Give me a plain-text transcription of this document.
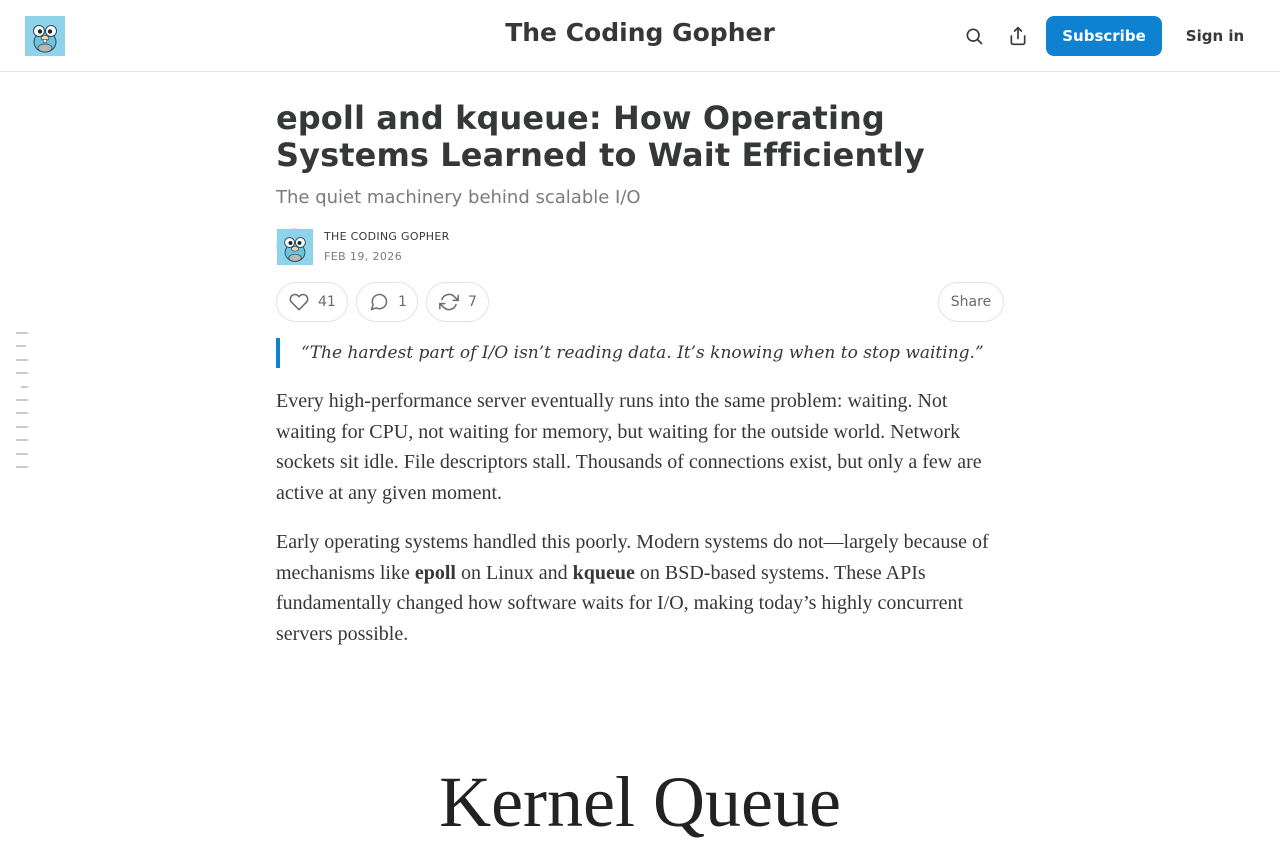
The Coding Gopher	Subscribe	Sign in
epoll and kqueue: How Operating Systems Learned to Wait Efficiently
The quiet machinery behind scalable I/O
THE CODING GOPHER
FEB 19, 2026
41	1	7	Share
“The hardest part of I/O isn’t reading data. It’s knowing when to stop waiting.”

Every high-performance server eventually runs into the same problem: waiting. Not waiting for CPU, not waiting for memory, but waiting for the outside world. Network sockets sit idle. File descriptors stall. Thousands of connections exist, but only a few are active at any given moment.

Early operating systems handled this poorly. Modern systems do not—largely because of mechanisms like epoll on Linux and kqueue on BSD-based systems. These APIs fundamentally changed how software waits for I/O, making today’s highly concurrent servers possible.

Kernel Queue
